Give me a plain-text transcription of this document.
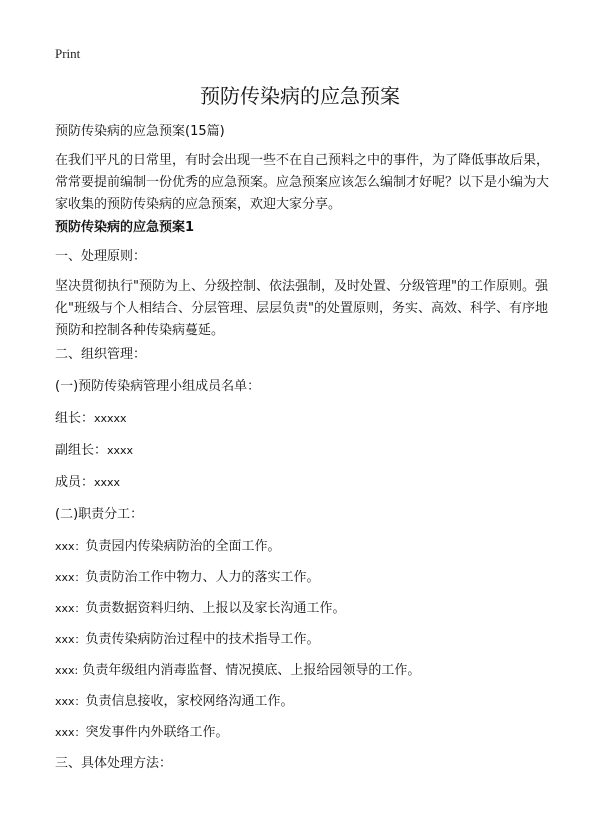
Print
预防传染病的应急预案

预防传染病的应急预案(15篇)

在我们平凡的日常里，有时会出现一些不在自己预料之中的事件，为了降低事故后果，常常要提前编制一份优秀的应急预案。应急预案应该怎么编制才好呢？以下是小编为大家收集的预防传染病的应急预案，欢迎大家分享。

预防传染病的应急预案1

一、处理原则：

坚决贯彻执行"预防为上、分级控制、依法强制，及时处置、分级管理"的工作原则。强化"班级与个人相结合、分层管理、层层负责"的处置原则，务实、高效、科学、有序地预防和控制各种传染病蔓延。

二、组织管理：

(一)预防传染病管理小组成员名单：

组长：xxxxx

副组长：xxxx

成员：xxxx

(二)职责分工：

xxx：负责园内传染病防治的全面工作。

xxx：负责防治工作中物力、人力的落实工作。

xxx：负责数据资料归纳、上报以及家长沟通工作。

xxx：负责传染病防治过程中的技术指导工作。

xxx: 负责年级组内消毒监督、情况摸底、上报给园领导的工作。

xxx：负责信息接收，家校网络沟通工作。

xxx：突发事件内外联络工作。

三、具体处理方法：
